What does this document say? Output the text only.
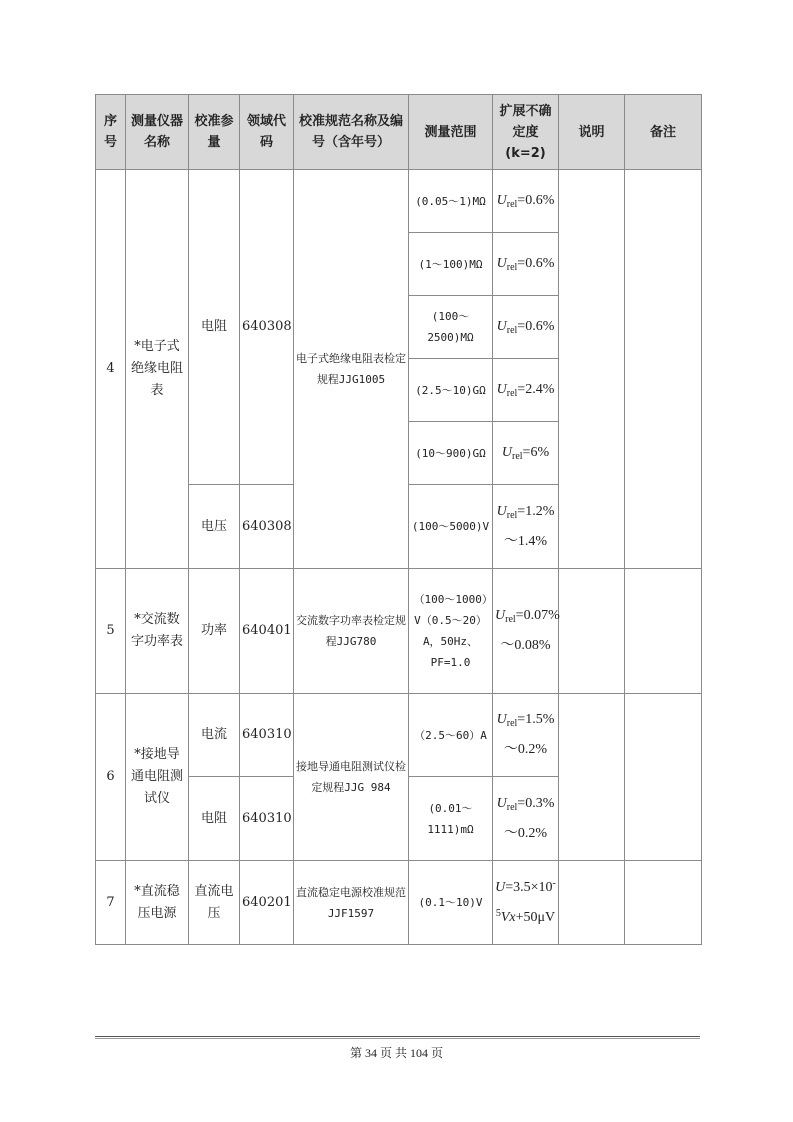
序号	测量仪器名称	校准参量	领域代码	校准规范名称及编号（含年号）	测量范围	扩展不确定度(k=2)	说明	备注
4	*电子式绝缘电阻表	电阻	640308	电子式绝缘电阻表检定规程JJG1005	(0.05～1)MΩ	$U_{rel}=0.6\%$		
					(1～100)MΩ	$U_{rel}=0.6\%$		
					(100～2500)MΩ	$U_{rel}=0.6\%$		
					(2.5～10)GΩ	$U_{rel}=2.4\%$		
					(10～900)GΩ	$U_{rel}=6\%$		
		电压	640308		(100～5000)V	$U_{rel}=1.2\%\sim 1.4\%$		
5	*交流数字功率表	功率	640401	交流数字功率表检定规程JJG780	（100～1000）V（0.5～20）A，50Hz、PF=1.0	$U_{rel}=0.07\%\sim 0.08\%$		
6	*接地导通电阻测试仪	电流	640310	接地导通电阻测试仪检定规程JJG 984	（2.5～60）A	$U_{rel}=1.5\%\sim 0.2\%$		
		电阻	640310		(0.01～1111)mΩ	$U_{rel}=0.3\%\sim 0.2\%$		
7	*直流稳压电源	直流电压	640201	直流稳定电源校准规范 JJF1597	(0.1～10)V	$U=3.5\times 10^{-5}Vx+50\mu V$		
第 34 页 共 104 页
